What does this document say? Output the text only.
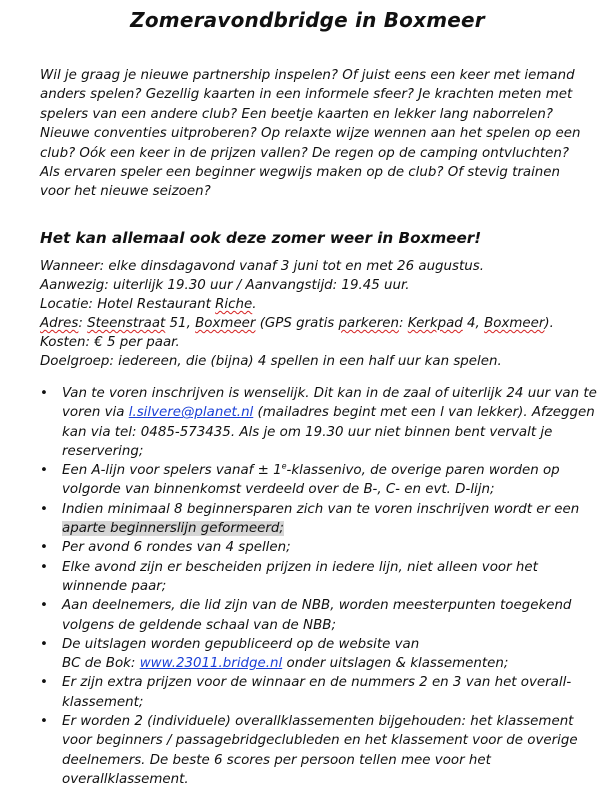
Zomeravondbridge in Boxmeer
Wil je graag je nieuwe partnership inspelen? Of juist eens een keer met iemand anders spelen? Gezellig kaarten in een informele sfeer? Je krachten meten met spelers van een andere club? Een beetje kaarten en lekker lang naborrelen? Nieuwe conventies uitproberen? Op relaxte wijze wennen aan het spelen op een club? Oók een keer in de prijzen vallen? De regen op de camping ontvluchten? Als ervaren speler een beginner wegwijs maken op de club? Of stevig trainen voor het nieuwe seizoen?
Het kan allemaal ook deze zomer weer in Boxmeer!
Wanneer: elke dinsdagavond vanaf 3 juni tot en met 26 augustus.
Aanwezig: uiterlijk 19.30 uur / Aanvangstijd: 19.45 uur.
Locatie: Hotel Restaurant Riche.
Adres: Steenstraat 51, Boxmeer (GPS gratis parkeren: Kerkpad 4, Boxmeer).
Kosten: € 5 per paar.
Doelgroep: iedereen, die (bijna) 4 spellen in een half uur kan spelen.
• Van te voren inschrijven is wenselijk. Dit kan in de zaal of uiterlijk 24 uur van te voren via l.silvere@planet.nl (mailadres begint met een l van lekker). Afzeggen kan via tel: 0485-573435. Als je om 19.30 uur niet binnen bent vervalt je reservering;
• Een A-lijn voor spelers vanaf ± $1^e$-klassenivo, de overige paren worden op volgorde van binnenkomst verdeeld over de B-, C- en evt. D-lijn;
• Indien minimaal 8 beginnersparen zich van te voren inschrijven wordt er een aparte beginnerslijn geformeerd;
• Per avond 6 rondes van 4 spellen;
• Elke avond zijn er bescheiden prijzen in iedere lijn, niet alleen voor het winnende paar;
• Aan deelnemers, die lid zijn van de NBB, worden meesterpunten toegekend volgens de geldende schaal van de NBB;
• De uitslagen worden gepubliceerd op de website van
BC de Bok: www.23011.bridge.nl onder uitslagen & klassementen;
• Er zijn extra prijzen voor de winnaar en de nummers 2 en 3 van het overall-klassement;
• Er worden 2 (individuele) overallklassementen bijgehouden: het klassement voor beginners / passagebridgeclubleden en het klassement voor de overige deelnemers. De beste 6 scores per persoon tellen mee voor het overallklassement.
